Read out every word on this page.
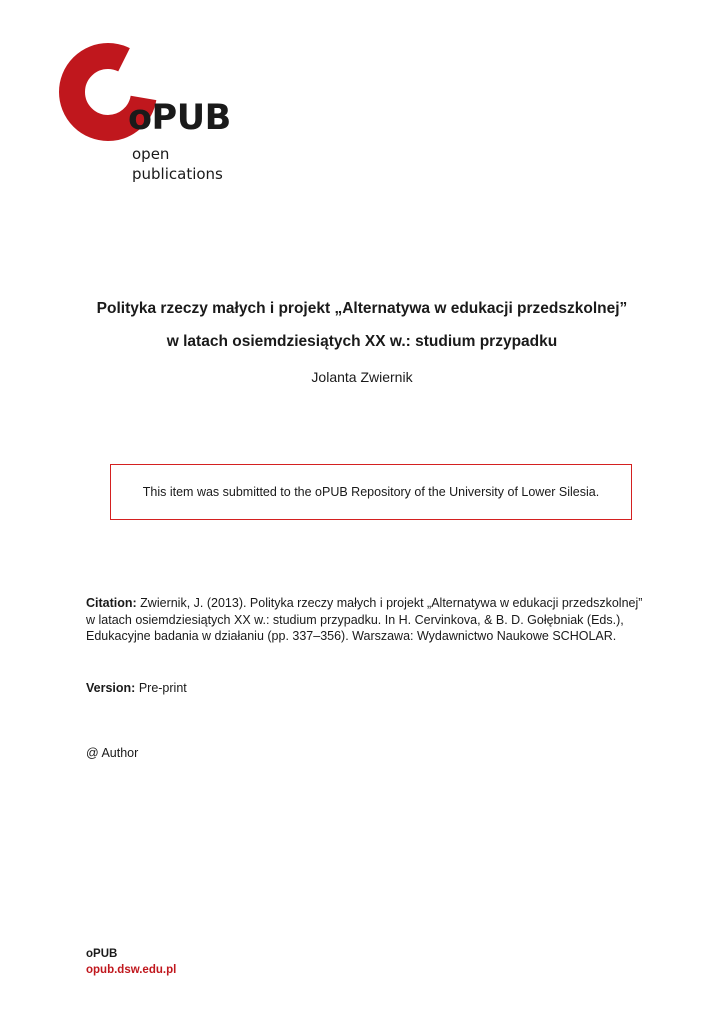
oPUB
open
publications
Polityka rzeczy małych i projekt „Alternatywa w edukacji przedszkolnej”
w latach osiemdziesiątych XX w.: studium przypadku
Jolanta Zwiernik
This item was submitted to the oPUB Repository of the University of Lower Silesia.
Citation: Zwiernik, J. (2013). Polityka rzeczy małych i projekt „Alternatywa w edukacji przedszkolnej” w latach osiemdziesiątych XX w.: studium przypadku. In H. Cervinkova, & B. D. Gołębniak (Eds.), Edukacyjne badania w działaniu (pp. 337–356). Warszawa: Wydawnictwo Naukowe SCHOLAR.
Version: Pre-print
@ Author
oPUB
opub.dsw.edu.pl
